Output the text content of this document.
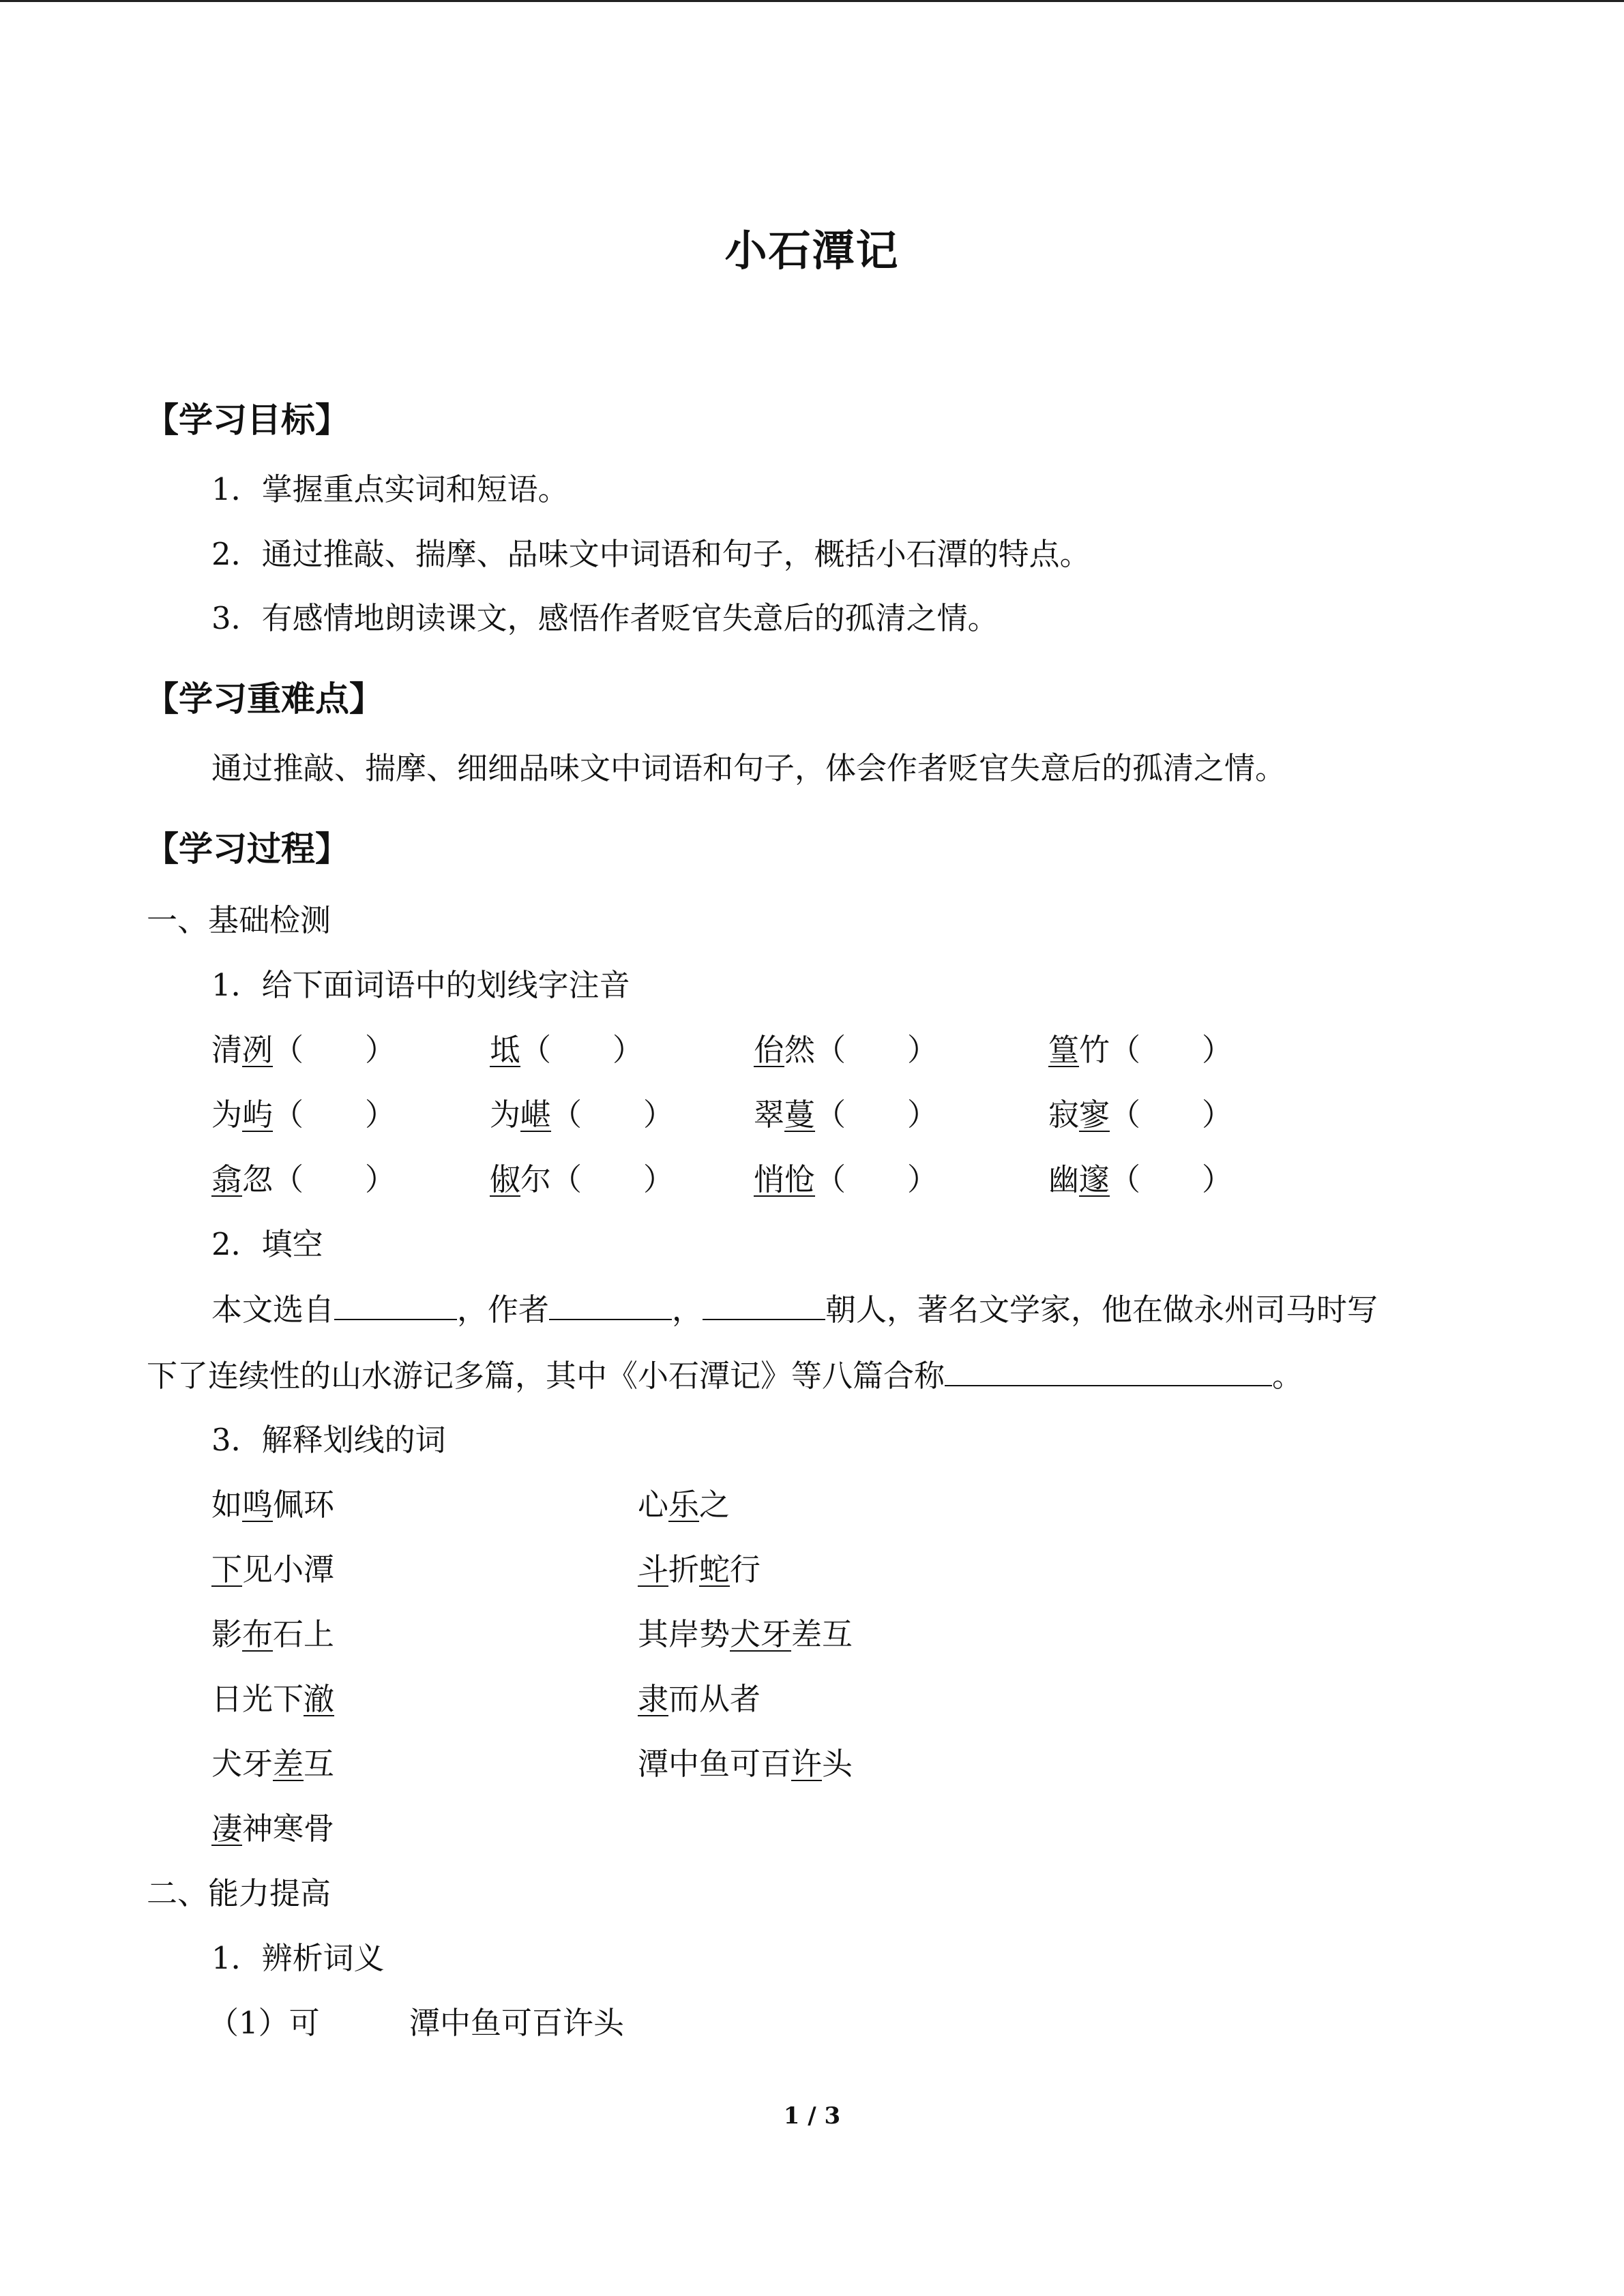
小石潭记
【学习目标】
1．掌握重点实词和短语。
2．通过推敲、揣摩、品味文中词语和句子，概括小石潭的特点。
3．有感情地朗读课文，感悟作者贬官失意后的孤清之情。
【学习重难点】
通过推敲、揣摩、细细品味文中词语和句子，体会作者贬官失意后的孤清之情。
【学习过程】
一、基础检测
1．给下面词语中的划线字注音
清冽（　　）	坻（　　）	佁然（　　）	篁竹（　　）
为屿（　　）	为嵁（　　）	翠蔓（　　）	寂寥（　　）
翕忽（　　）	俶尔（　　）	悄怆（　　）	幽邃（　　）
2．填空
本文选自	，作者	，	朝人，著名文学家，他在做永州司马时写
下了连续性的山水游记多篇，其中《小石潭记》等八篇合称	。
3．解释划线的词
如鸣佩环	心乐之
下见小潭	斗折蛇行
影布石上	其岸势犬牙差互
日光下澈	隶而从者
犬牙差互	潭中鱼可百许头
凄神寒骨
二、能力提高
1．辨析词义
（1）可	潭中鱼可百许头
1 / 3
